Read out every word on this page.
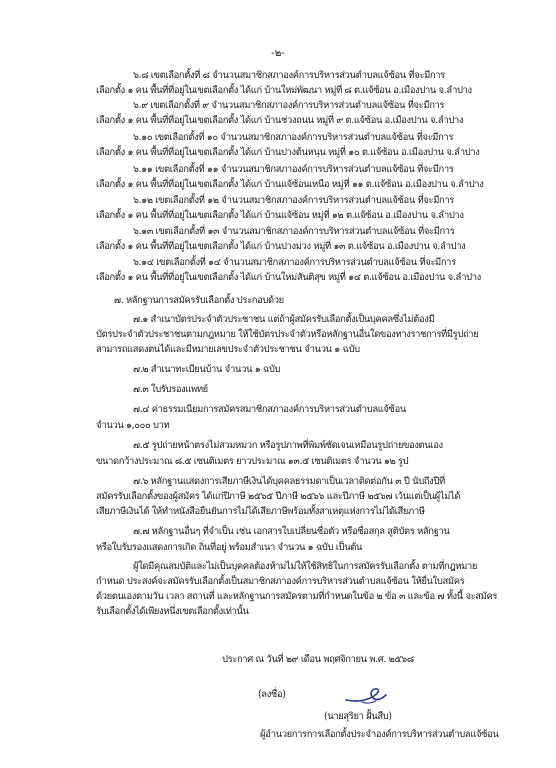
-๒-
๖.๘ เขตเลือกตั้งที่ ๘ จำนวนสมาชิกสภาองค์การบริหารส่วนตำบลแจ้ซ้อน ที่จะมีการ
เลือกตั้ง ๑ คน พื้นที่ที่อยู่ในเขตเลือกตั้ง ได้แก่ บ้านใหม่พัฒนา หมู่ที่ ๘ ต.แจ้ซ้อน อ.เมืองปาน จ.ลำปาง
๖.๙ เขตเลือกตั้งที่ ๙ จำนวนสมาชิกสภาองค์การบริหารส่วนตำบลแจ้ซ้อน ที่จะมีการ
เลือกตั้ง ๑ คน พื้นที่ที่อยู่ในเขตเลือกตั้ง ได้แก่ บ้านช่วงถนน หมู่ที่ ๙ ต.แจ้ซ้อน อ.เมืองปาน จ.ลำปาง
๖.๑๐ เขตเลือกตั้งที่ ๑๐ จำนวนสมาชิกสภาองค์การบริหารส่วนตำบลแจ้ซ้อน ที่จะมีการ
เลือกตั้ง ๑ คน พื้นที่ที่อยู่ในเขตเลือกตั้ง ได้แก่ บ้านปางต้นหนุน หมู่ที่ ๑๐ ต.แจ้ซ้อน อ.เมืองปาน จ.ลำปาง
๖.๑๑ เขตเลือกตั้งที่ ๑๑ จำนวนสมาชิกสภาองค์การบริหารส่วนตำบลแจ้ซ้อน ที่จะมีการ
เลือกตั้ง ๑ คน พื้นที่ที่อยู่ในเขตเลือกตั้ง ได้แก่ บ้านแจ้ซ้อนเหนือ หมู่ที่ ๑๑ ต.แจ้ซ้อน อ.เมืองปาน จ.ลำปาง
๖.๑๒ เขตเลือกตั้งที่ ๑๒ จำนวนสมาชิกสภาองค์การบริหารส่วนตำบลแจ้ซ้อน ที่จะมีการ
เลือกตั้ง ๑ คน พื้นที่ที่อยู่ในเขตเลือกตั้ง ได้แก่ บ้านแจ้ซ้อน หมู่ที่ ๑๒ ต.แจ้ซ้อน อ.เมืองปาน จ.ลำปาง
๖.๑๓ เขตเลือกตั้งที่ ๑๓ จำนวนสมาชิกสภาองค์การบริหารส่วนตำบลแจ้ซ้อน ที่จะมีการ
เลือกตั้ง ๑ คน พื้นที่ที่อยู่ในเขตเลือกตั้ง ได้แก่ บ้านปางม่วง หมู่ที่ ๑๓ ต.แจ้ซ้อน อ.เมืองปาน จ.ลำปาง
๖.๑๔ เขตเลือกตั้งที่ ๑๔ จำนวนสมาชิกสภาองค์การบริหารส่วนตำบลแจ้ซ้อน ที่จะมีการ
เลือกตั้ง ๑ คน พื้นที่ที่อยู่ในเขตเลือกตั้ง ได้แก่ บ้านใหม่สันติสุข หมู่ที่ ๑๔ ต.แจ้ซ้อน อ.เมืองปาน จ.ลำปาง
๗. หลักฐานการสมัครรับเลือกตั้ง ประกอบด้วย
๗.๑ สำเนาบัตรประจำตัวประชาชน แต่ถ้าผู้สมัครรับเลือกตั้งเป็นบุคคลซึ่งไม่ต้องมี
บัตรประจำตัวประชาชนตามกฎหมาย ให้ใช้บัตรประจำตัวหรือหลักฐานอื่นใดของทางราชการที่มีรูปถ่าย
สามารถแสดงตนได้และมีหมายเลขประจำตัวประชาชน จำนวน ๑ ฉบับ
๗.๒ สำเนาทะเบียนบ้าน จำนวน ๑ ฉบับ
๗.๓ ใบรับรองแพทย์
๗.๔ ค่าธรรมเนียมการสมัครสมาชิกสภาองค์การบริหารส่วนตำบลแจ้ซ้อน
จำนวน ๑,๐๐๐ บาท
๗.๕ รูปถ่ายหน้าตรงไม่สวมหมวก หรือรูปภาพที่พิมพ์ชัดเจนเหมือนรูปถ่ายของตนเอง
ขนาดกว้างประมาณ ๘.๕ เซนติเมตร ยาวประมาณ ๑๓.๕ เซนติเมตร จำนวน ๑๒ รูป
๗.๖ หลักฐานแสดงการเสียภาษีเงินได้บุคคลธรรมดาเป็นเวลาติดต่อกัน ๓ ปี นับถึงปีที่
สมัครรับเลือกตั้งของผู้สมัคร ได้แก่ปีภาษี ๒๕๖๕ ปีภาษี ๒๕๖๖ และปีภาษี ๒๕๖๗ เว้นแต่เป็นผู้ไม่ได้
เสียภาษีเงินได้ ให้ทำหนังสือยืนยันการไม่ได้เสียภาษีพร้อมทั้งสาเหตุแห่งการไม่ได้เสียภาษี
๗.๗ หลักฐานอื่นๆ ที่จำเป็น เช่น เอกสารใบเปลี่ยนชื่อตัว หรือชื่อสกุล สูติบัตร หลักฐาน
หรือใบรับรองแสดงการเกิด ถิ่นที่อยู่ พร้อมสำเนา จำนวน ๑ ฉบับ เป็นต้น
ผู้ใดมีคุณสมบัติและไม่เป็นบุคคลต้องห้ามไม่ให้ใช้สิทธิในการสมัครรับเลือกตั้ง ตามที่กฎหมาย
กำหนด ประสงค์จะสมัครรับเลือกตั้งเป็นสมาชิกสภาองค์การบริหารส่วนตำบลแจ้ซ้อน ให้ยื่นใบสมัคร
ด้วยตนเองตามวัน เวลา สถานที่ และหลักฐานการสมัครตามที่กำหนดในข้อ ๒ ข้อ ๓ และข้อ ๗ ทั้งนี้ จะสมัคร
รับเลือกตั้งได้เพียงหนึ่งเขตเลือกตั้งเท่านั้น
ประกาศ ณ วันที่ ๒๙ เดือน พฤศจิกายน พ.ศ. ๒๕๖๘
(ลงชื่อ)
(นายสุริยา ฝั้นสืบ)
ผู้อำนวยการการเลือกตั้งประจำองค์การบริหารส่วนตำบลแจ้ซ้อน
